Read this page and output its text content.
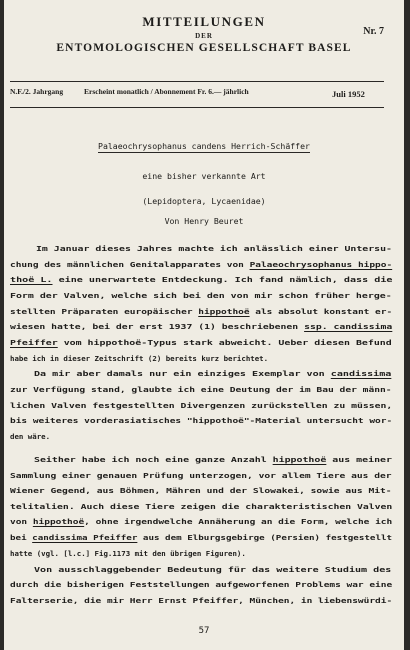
MITTEILUNGEN
DER
ENTOMOLOGISCHEN GESELLSCHAFT BASEL
Nr. 7
N.F./2. Jahrgang	Erscheint monatlich / Abonnement Fr. 6.— jährlich	Juli 1952
Palaeochrysophanus candens Herrich-Schäffer
eine bisher verkannte Art
(Lepidoptera, Lycaenidae)
Von Henry Beuret
Im Januar dieses Jahres machte ich anlässlich einer Untersu-
chung des männlichen Genitalapparates von Palaeochrysophanus hippo-
thoë L. eine unerwartete Entdeckung. Ich fand nämlich, dass die
Form der Valven, welche sich bei den von mir schon früher herge-
stellten Präparaten europäischer hippothoë als absolut konstant er-
wiesen hatte, bei der erst 1937 (1) beschriebenen ssp. candissima
Pfeiffer vom hippothoë-Typus stark abweicht. Ueber diesen Befund
habe ich in dieser Zeitschrift (2) bereits kurz berichtet.
Da mir aber damals nur ein einziges Exemplar von candissima
zur Verfügung stand, glaubte ich eine Deutung der im Bau der männ-
lichen Valven festgestellten Divergenzen zurückstellen zu müssen,
bis weiteres vorderasiatisches "hippothoë"-Material untersucht wor-
den wäre.
Seither habe ich noch eine ganze Anzahl hippothoë aus meiner
Sammlung einer genauen Prüfung unterzogen, vor allem Tiere aus der
Wiener Gegend, aus Böhmen, Mähren und der Slowakei, sowie aus Mit-
telitalien. Auch diese Tiere zeigen die charakteristischen Valven
von hippothoë, ohne irgendwelche Annäherung an die Form, welche ich
bei candissima Pfeiffer aus dem Elburgsgebirge (Persien) festgestellt
hatte (vgl. [l.c.] Fig.1173 mit den übrigen Figuren).
Von ausschlaggebender Bedeutung für das weitere Studium des
durch die bisherigen Feststellungen aufgeworfenen Problems war eine
Falterserie, die mir Herr Ernst Pfeiffer, München, in liebenswürdi-
57
